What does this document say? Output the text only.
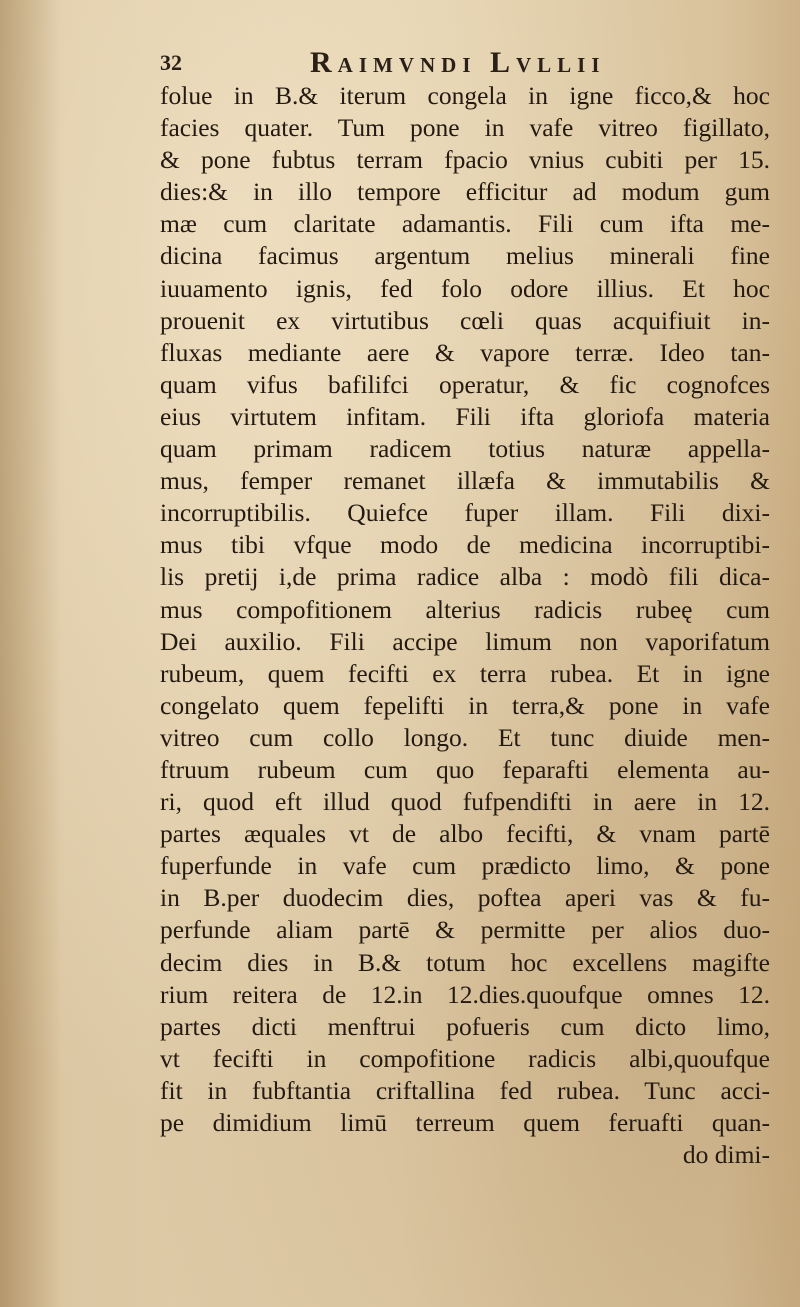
32	Raimvndi Lvllii
folue in B.& iterum congela in igne ficco,& hoc
facies quater. Tum pone in vafe vitreo figillato,
& pone fubtus terram fpacio vnius cubiti per 15.
dies:& in illo tempore efficitur ad modum gum
mæ cum claritate adamantis. Fili cum ifta me-
dicina facimus argentum melius minerali fine
iuuamento ignis, fed folo odore illius. Et hoc
prouenit ex virtutibus cœli quas acquifiuit in-
fluxas mediante aere & vapore terræ. Ideo tan-
quam vifus bafilifci operatur, & fic cognofces
eius virtutem infitam. Fili ifta gloriofa materia
quam primam radicem totius naturæ appella-
mus, femper remanet illæfa & immutabilis &
incorruptibilis. Quiefce fuper illam. Fili dixi-
mus tibi vfque modo de medicina incorruptibi-
lis pretij i,de prima radice alba : modò fili dica-
mus compofitionem alterius radicis rubeę cum
Dei auxilio. Fili accipe limum non vaporifatum
rubeum, quem fecifti ex terra rubea. Et in igne
congelato quem fepelifti in terra,& pone in vafe
vitreo cum collo longo. Et tunc diuide men-
ftruum rubeum cum quo feparafti elementa au-
ri, quod eft illud quod fufpendifti in aere in 12.
partes æquales vt de albo fecifti, & vnam partē
fuperfunde in vafe cum prædicto limo, & pone
in B.per duodecim dies, poftea aperi vas & fu-
perfunde aliam partē & permitte per alios duo-
decim dies in B.& totum hoc excellens magifte
rium reitera de 12.in 12.dies.quoufque omnes 12.
partes dicti menftrui pofueris cum dicto limo,
vt fecifti in compofitione radicis albi,quoufque
fit in fubftantia criftallina fed rubea. Tunc acci-
pe dimidium limū terreum quem feruafti quan-
do dimi-
